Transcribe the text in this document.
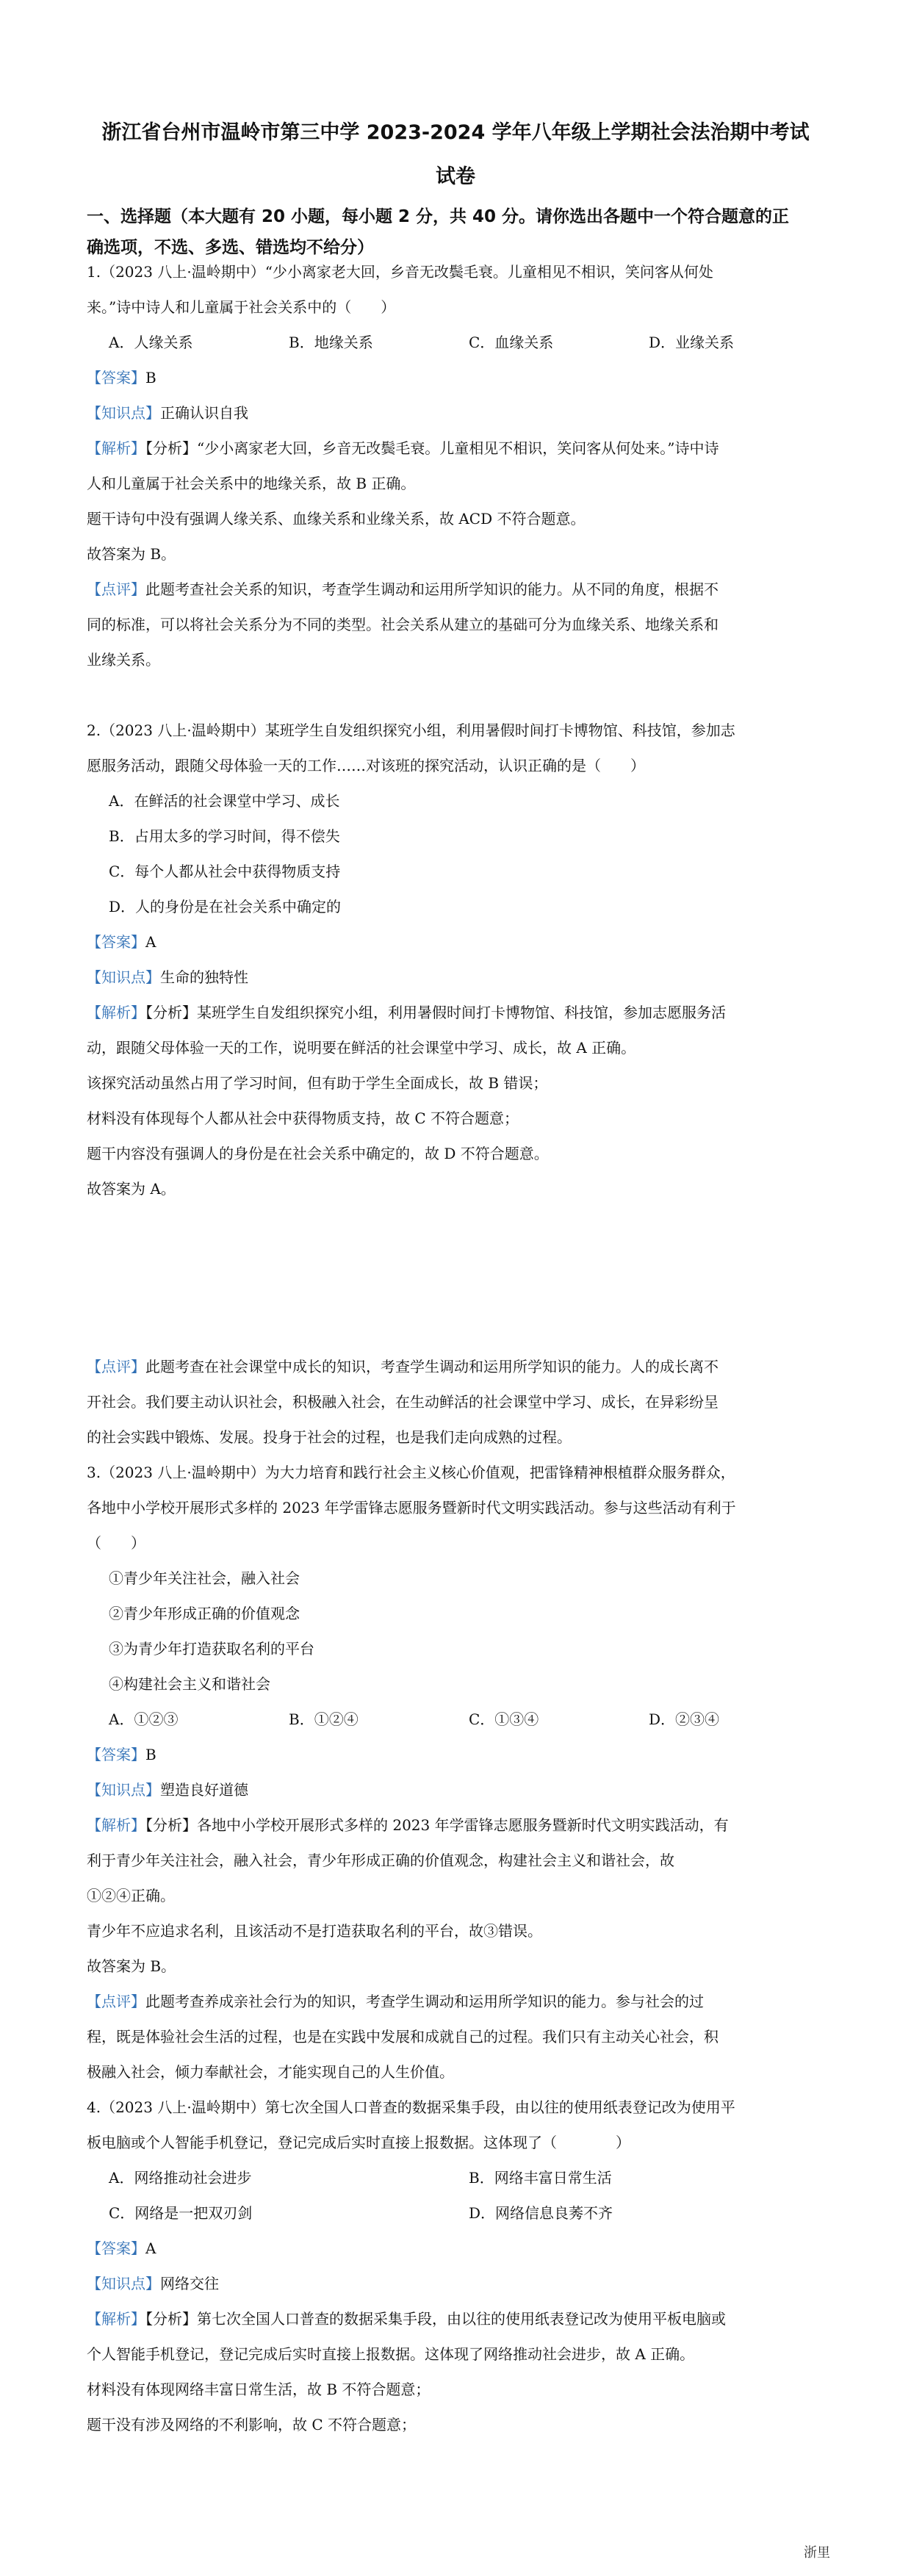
浙江省台州市温岭市第三中学 2023-2024 学年八年级上学期社会法治期中考试
试卷
一、选择题（本大题有 20 小题，每小题 2 分，共 40 分。请你选出各题中一个符合题意的正
确选项，不选、多选、错选均不给分）
1.（2023 八上·温岭期中）“少小离家老大回，乡音无改鬓毛衰。儿童相见不相识，笑问客从何处
来。”诗中诗人和儿童属于社会关系中的（　　）
A．人缘关系	B．地缘关系	C．血缘关系	D．业缘关系
【答案】B
【知识点】正确认识自我
【解析】【分析】“少小离家老大回，乡音无改鬓毛衰。儿童相见不相识，笑问客从何处来。”诗中诗
人和儿童属于社会关系中的地缘关系，故 B 正确。
题干诗句中没有强调人缘关系、血缘关系和业缘关系，故 ACD 不符合题意。
故答案为 B。
【点评】此题考查社会关系的知识，考查学生调动和运用所学知识的能力。从不同的角度，根据不
同的标准，可以将社会关系分为不同的类型。社会关系从建立的基础可分为血缘关系、地缘关系和
业缘关系。
2.（2023 八上·温岭期中）某班学生自发组织探究小组，利用暑假时间打卡博物馆、科技馆，参加志
愿服务活动，跟随父母体验一天的工作……对该班的探究活动，认识正确的是（　　）
A．在鲜活的社会课堂中学习、成长
B．占用太多的学习时间，得不偿失
C．每个人都从社会中获得物质支持
D．人的身份是在社会关系中确定的
【答案】A
【知识点】生命的独特性
【解析】【分析】某班学生自发组织探究小组，利用暑假时间打卡博物馆、科技馆，参加志愿服务活
动，跟随父母体验一天的工作，说明要在鲜活的社会课堂中学习、成长，故 A 正确。
该探究活动虽然占用了学习时间，但有助于学生全面成长，故 B 错误；
材料没有体现每个人都从社会中获得物质支持，故 C 不符合题意；
题干内容没有强调人的身份是在社会关系中确定的，故 D 不符合题意。
故答案为 A。
【点评】此题考查在社会课堂中成长的知识，考查学生调动和运用所学知识的能力。人的成长离不
开社会。我们要主动认识社会，积极融入社会，在生动鲜活的社会课堂中学习、成长，在异彩纷呈
的社会实践中锻炼、发展。投身于社会的过程，也是我们走向成熟的过程。
3.（2023 八上·温岭期中）为大力培育和践行社会主义核心价值观，把雷锋精神根植群众服务群众，
各地中小学校开展形式多样的 2023 年学雷锋志愿服务暨新时代文明实践活动。参与这些活动有利于
（　　）
①青少年关注社会，融入社会
②青少年形成正确的价值观念
③为青少年打造获取名利的平台
④构建社会主义和谐社会
A．①②③	B．①②④	C．①③④	D．②③④
【答案】B
【知识点】塑造良好道德
【解析】【分析】各地中小学校开展形式多样的 2023 年学雷锋志愿服务暨新时代文明实践活动，有
利于青少年关注社会，融入社会，青少年形成正确的价值观念，构建社会主义和谐社会，故
①②④正确。
青少年不应追求名利，且该活动不是打造获取名利的平台，故③错误。
故答案为 B。
【点评】此题考查养成亲社会行为的知识，考查学生调动和运用所学知识的能力。参与社会的过
程，既是体验社会生活的过程，也是在实践中发展和成就自己的过程。我们只有主动关心社会，积
极融入社会，倾力奉献社会，才能实现自己的人生价值。
4.（2023 八上·温岭期中）第七次全国人口普查的数据采集手段，由以往的使用纸表登记改为使用平
板电脑或个人智能手机登记，登记完成后实时直接上报数据。这体现了（　　　　）
A．网络推动社会进步	B．网络丰富日常生活
C．网络是一把双刃剑	D．网络信息良莠不齐
【答案】A
【知识点】网络交往
【解析】【分析】第七次全国人口普查的数据采集手段，由以往的使用纸表登记改为使用平板电脑或
个人智能手机登记，登记完成后实时直接上报数据。这体现了网络推动社会进步，故 A 正确。
材料没有体现网络丰富日常生活，故 B 不符合题意；
题干没有涉及网络的不利影响，故 C 不符合题意；
浙里
